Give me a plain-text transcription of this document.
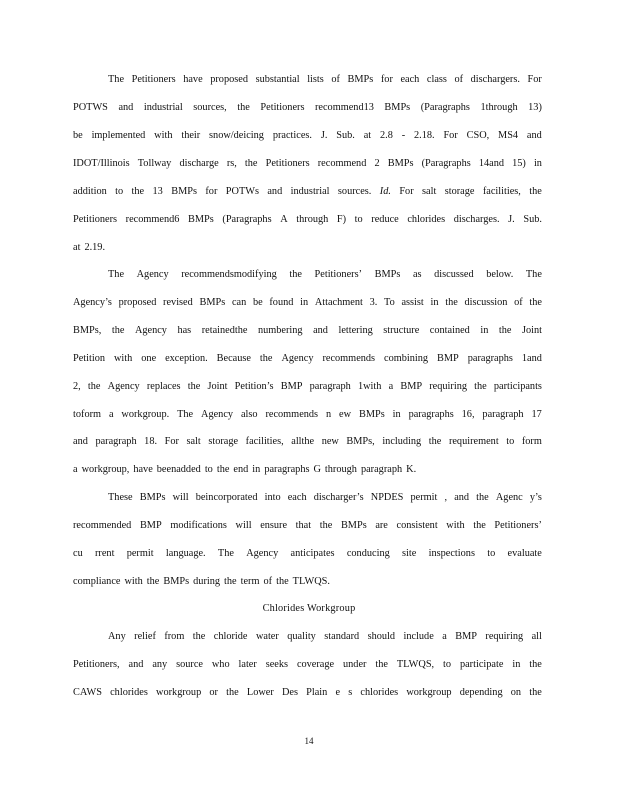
The Petitioners have proposed substantial lists of BMPs for each class of dischargers. For
POTWS and industrial sources, the Petitioners recommend13 BMPs (Paragraphs 1through 13)
be implemented with their snow/deicing practices. J. Sub. at 2.8 - 2.18. For CSO, MS4 and
IDOT/Illinois Tollway discharge rs, the Petitioners recommend 2 BMPs (Paragraphs 14and 15) in
addition to the 13 BMPs for POTWs and industrial sources. Id. For salt storage facilities, the
Petitioners recommend6 BMPs (Paragraphs A through F) to reduce chlorides discharges. J. Sub.
at 2.19.
The Agency recommendsmodifying the Petitioners’ BMPs as discussed below. The
Agency’s proposed revised BMPs can be found in Attachment 3. To assist in the discussion of the
BMPs, the Agency has retainedthe numbering and lettering structure contained in the Joint
Petition with one exception. Because the Agency recommends combining BMP paragraphs 1and
2, the Agency replaces the Joint Petition’s BMP paragraph 1with a BMP requiring the participants
toform a workgroup. The Agency also recommends n ew BMPs in paragraphs 16, paragraph 17
and paragraph 18. For salt storage facilities, allthe new BMPs, including the requirement to form
a workgroup, have beenadded to the end in paragraphs G through paragraph K.
These BMPs will beincorporated into each discharger’s NPDES permit , and the Agenc y’s
recommended BMP modifications will ensure that the BMPs are consistent with the Petitioners’
cu rrent permit language. The Agency anticipates conducing site inspections to evaluate
compliance with the BMPs during the term of the TLWQS.
Chlorides Workgroup
Any relief from the chloride water quality standard should include a BMP requiring all
Petitioners, and any source who later seeks coverage under the TLWQS, to participate in the
CAWS chlorides workgroup or the Lower Des Plain e s chlorides workgroup depending on the
14
